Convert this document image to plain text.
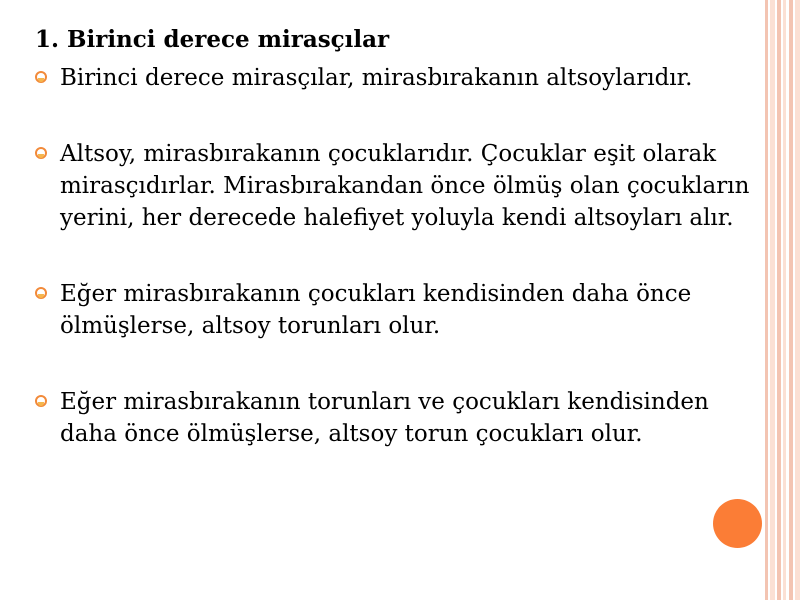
1. Birinci derece mirasçılar
Birinci derece mirasçılar, mirasbırakanın altsoylarıdır.
Altsoy, mirasbırakanın çocuklarıdır. Çocuklar eşit olarak mirasçıdırlar. Mirasbırakandan önce ölmüş olan çocukların yerini, her derecede halefiyet yoluyla kendi altsoyları alır.
Eğer mirasbırakanın çocukları kendisinden daha önce ölmüşlerse, altsoy torunları olur.
Eğer mirasbırakanın torunları ve çocukları kendisinden daha önce ölmüşlerse, altsoy torun çocukları olur.
